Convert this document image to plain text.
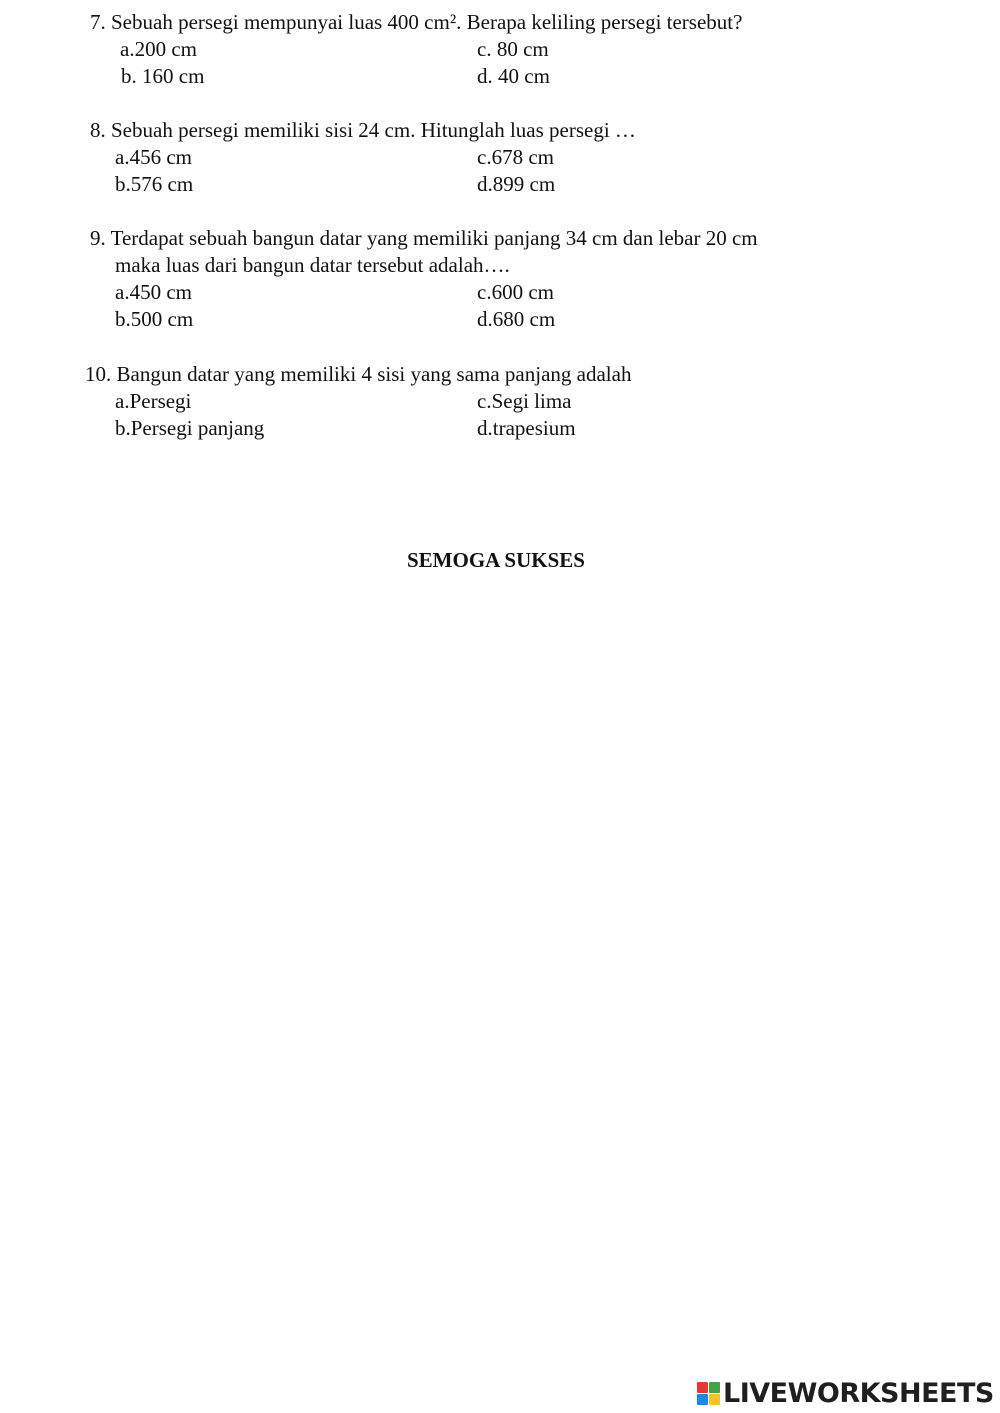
7. Sebuah persegi mempunyai luas 400 cm². Berapa keliling persegi tersebut?
a.200 cm	c. 80 cm
b. 160 cm	d. 40 cm
8. Sebuah persegi memiliki sisi 24 cm. Hitunglah luas persegi …
a.456 cm	c.678 cm
b.576 cm	d.899 cm
9. Terdapat sebuah bangun datar yang memiliki panjang 34 cm dan lebar 20 cm
maka luas dari bangun datar tersebut adalah….
a.450 cm	c.600 cm
b.500 cm	d.680 cm
10. Bangun datar yang memiliki 4 sisi yang sama panjang adalah
a.Persegi	c.Segi lima
b.Persegi panjang	d.trapesium
SEMOGA SUKSES
LIVEWORKSHEETS
